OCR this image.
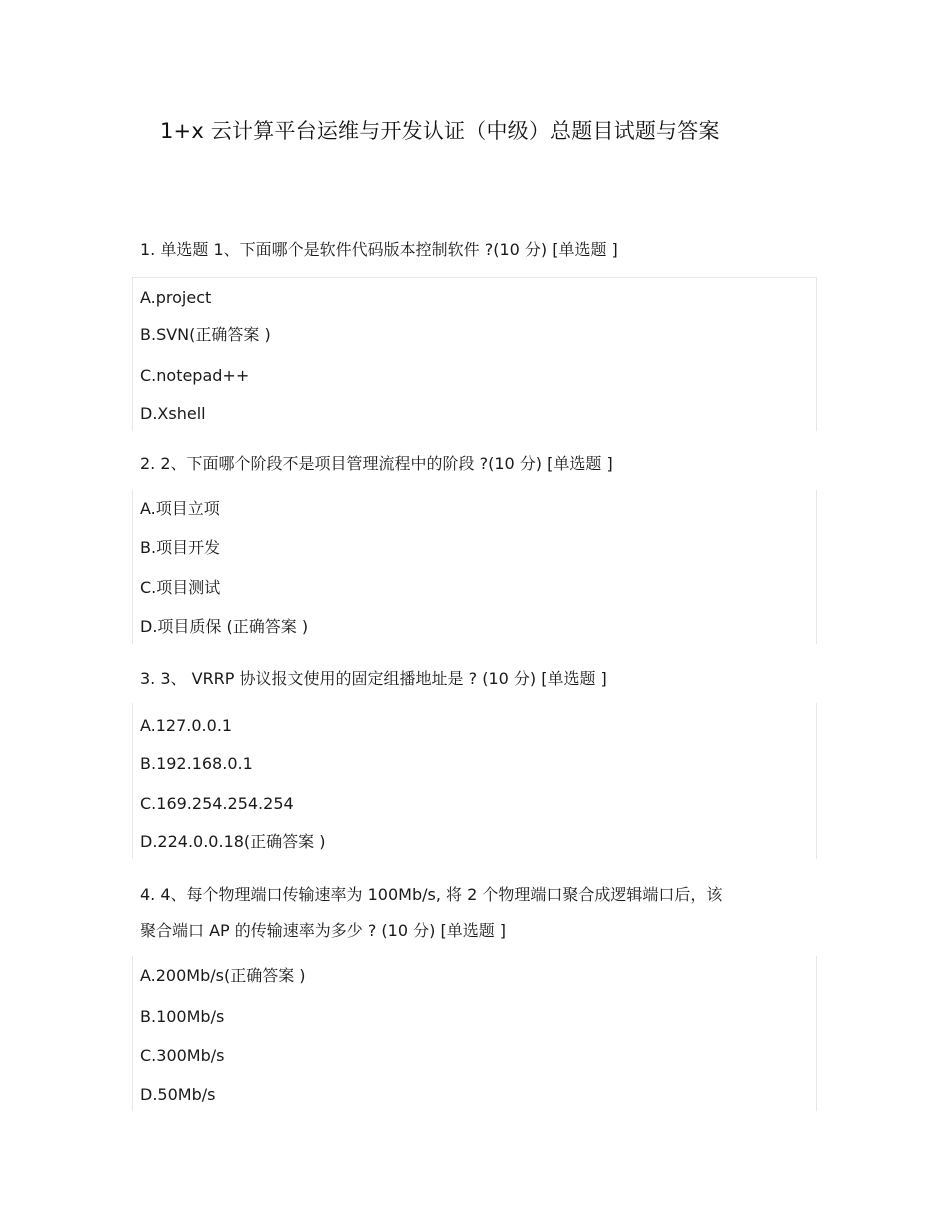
1+x 云计算平台运维与开发认证（中级）总题目试题与答案
1. 单选题 1、下面哪个是软件代码版本控制软件 ?(10 分) [单选题 ]
A.project
B.SVN(正确答案 )
C.notepad++
D.Xshell
2. 2、下面哪个阶段不是项目管理流程中的阶段 ?(10 分) [单选题 ]
A.项目立项
B.项目开发
C.项目测试
D.项目质保 (正确答案 )
3. 3、 VRRP 协议报文使用的固定组播地址是 ? (10 分) [单选题 ]
A.127.0.0.1
B.192.168.0.1
C.169.254.254.254
D.224.0.0.18(正确答案 )
4. 4、每个物理端口传输速率为 100Mb/s, 将 2 个物理端口聚合成逻辑端口后，该
聚合端口 AP 的传输速率为多少 ? (10 分) [单选题 ]
A.200Mb/s(正确答案 )
B.100Mb/s
C.300Mb/s
D.50Mb/s
